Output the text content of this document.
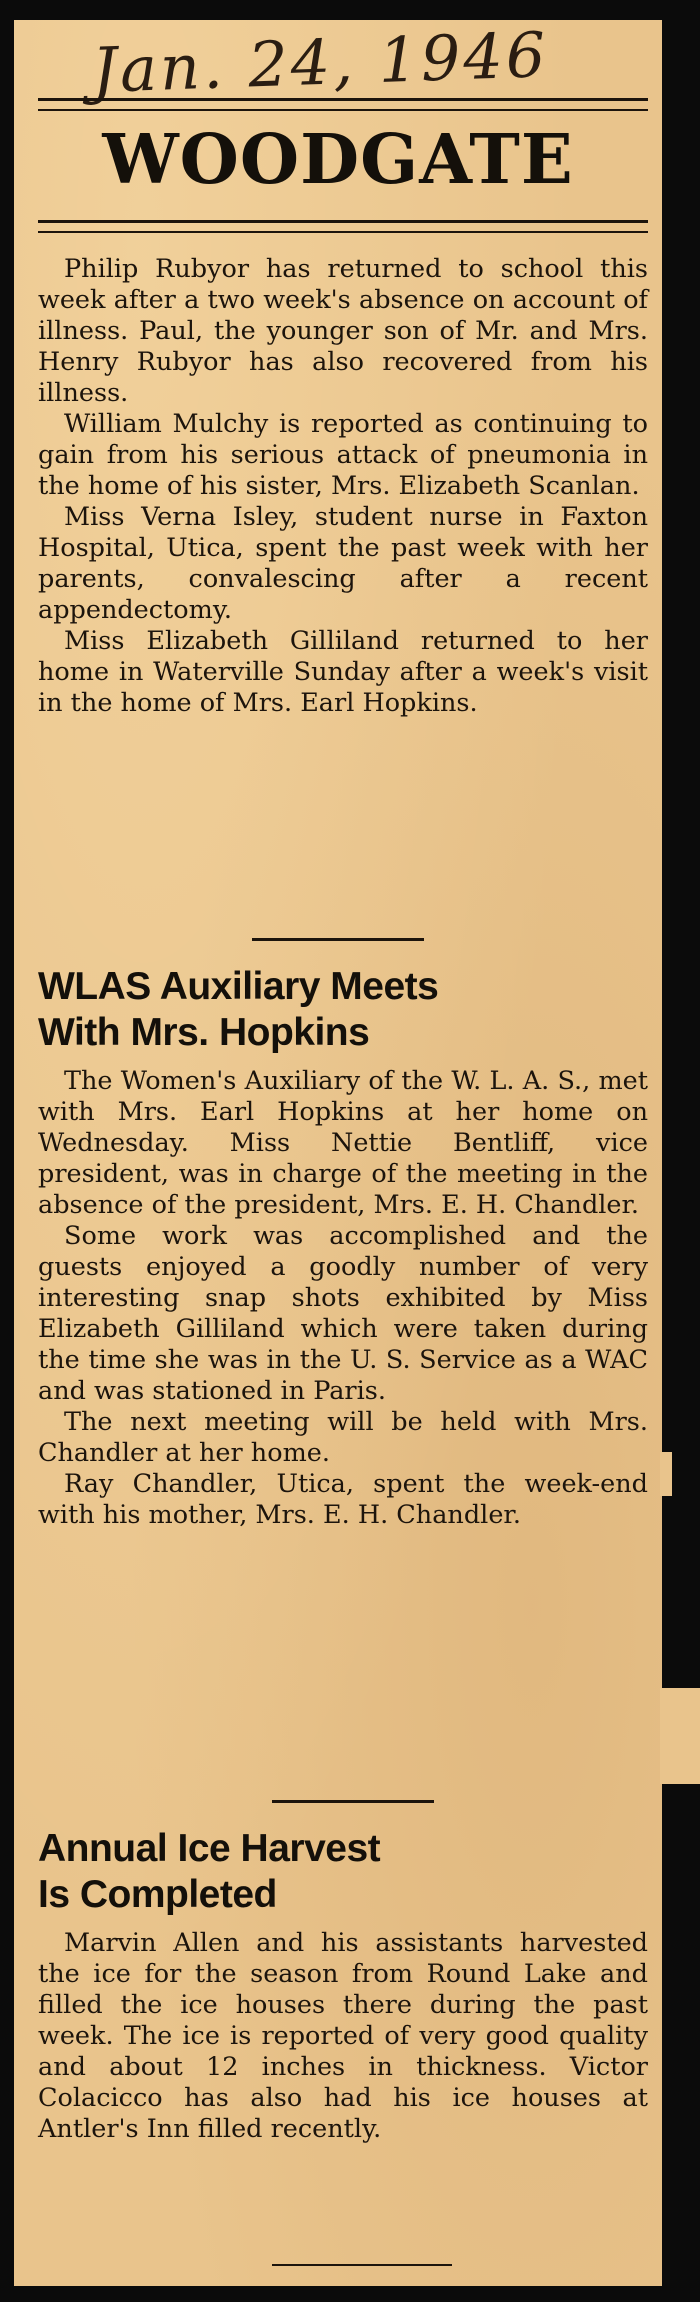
Jan. 24, 1946
WOODGATE

Philip Rubyor has returned to school this week after a two week's absence on account of illness. Paul, the younger son of Mr. and Mrs. Henry Rubyor has also recovered from his illness.

William Mulchy is reported as continuing to gain from his serious attack of pneumonia in the home of his sister, Mrs. Elizabeth Scanlan.

Miss Verna Isley, student nurse in Faxton Hospital, Utica, spent the past week with her parents, convalescing after a recent appendectomy.

Miss Elizabeth Gilliland returned to her home in Waterville Sunday after a week's visit in the home of Mrs. Earl Hopkins.

WLAS Auxiliary Meets
With Mrs. Hopkins

The Women's Auxiliary of the W. L. A. S., met with Mrs. Earl Hopkins at her home on Wednesday. Miss Nettie Bentliff, vice president, was in charge of the meeting in the absence of the president, Mrs. E. H. Chandler.

Some work was accomplished and the guests enjoyed a goodly number of very interesting snap shots exhibited by Miss Elizabeth Gilliland which were taken during the time she was in the U. S. Service as a WAC and was stationed in Paris.

The next meeting will be held with Mrs. Chandler at her home.

Ray Chandler, Utica, spent the week-end with his mother, Mrs. E. H. Chandler.

Annual Ice Harvest
Is Completed

Marvin Allen and his assistants harvested the ice for the season from Round Lake and filled the ice houses there during the past week. The ice is reported of very good quality and about 12 inches in thickness. Victor Colacicco has also had his ice houses at Antler's Inn filled recently.
